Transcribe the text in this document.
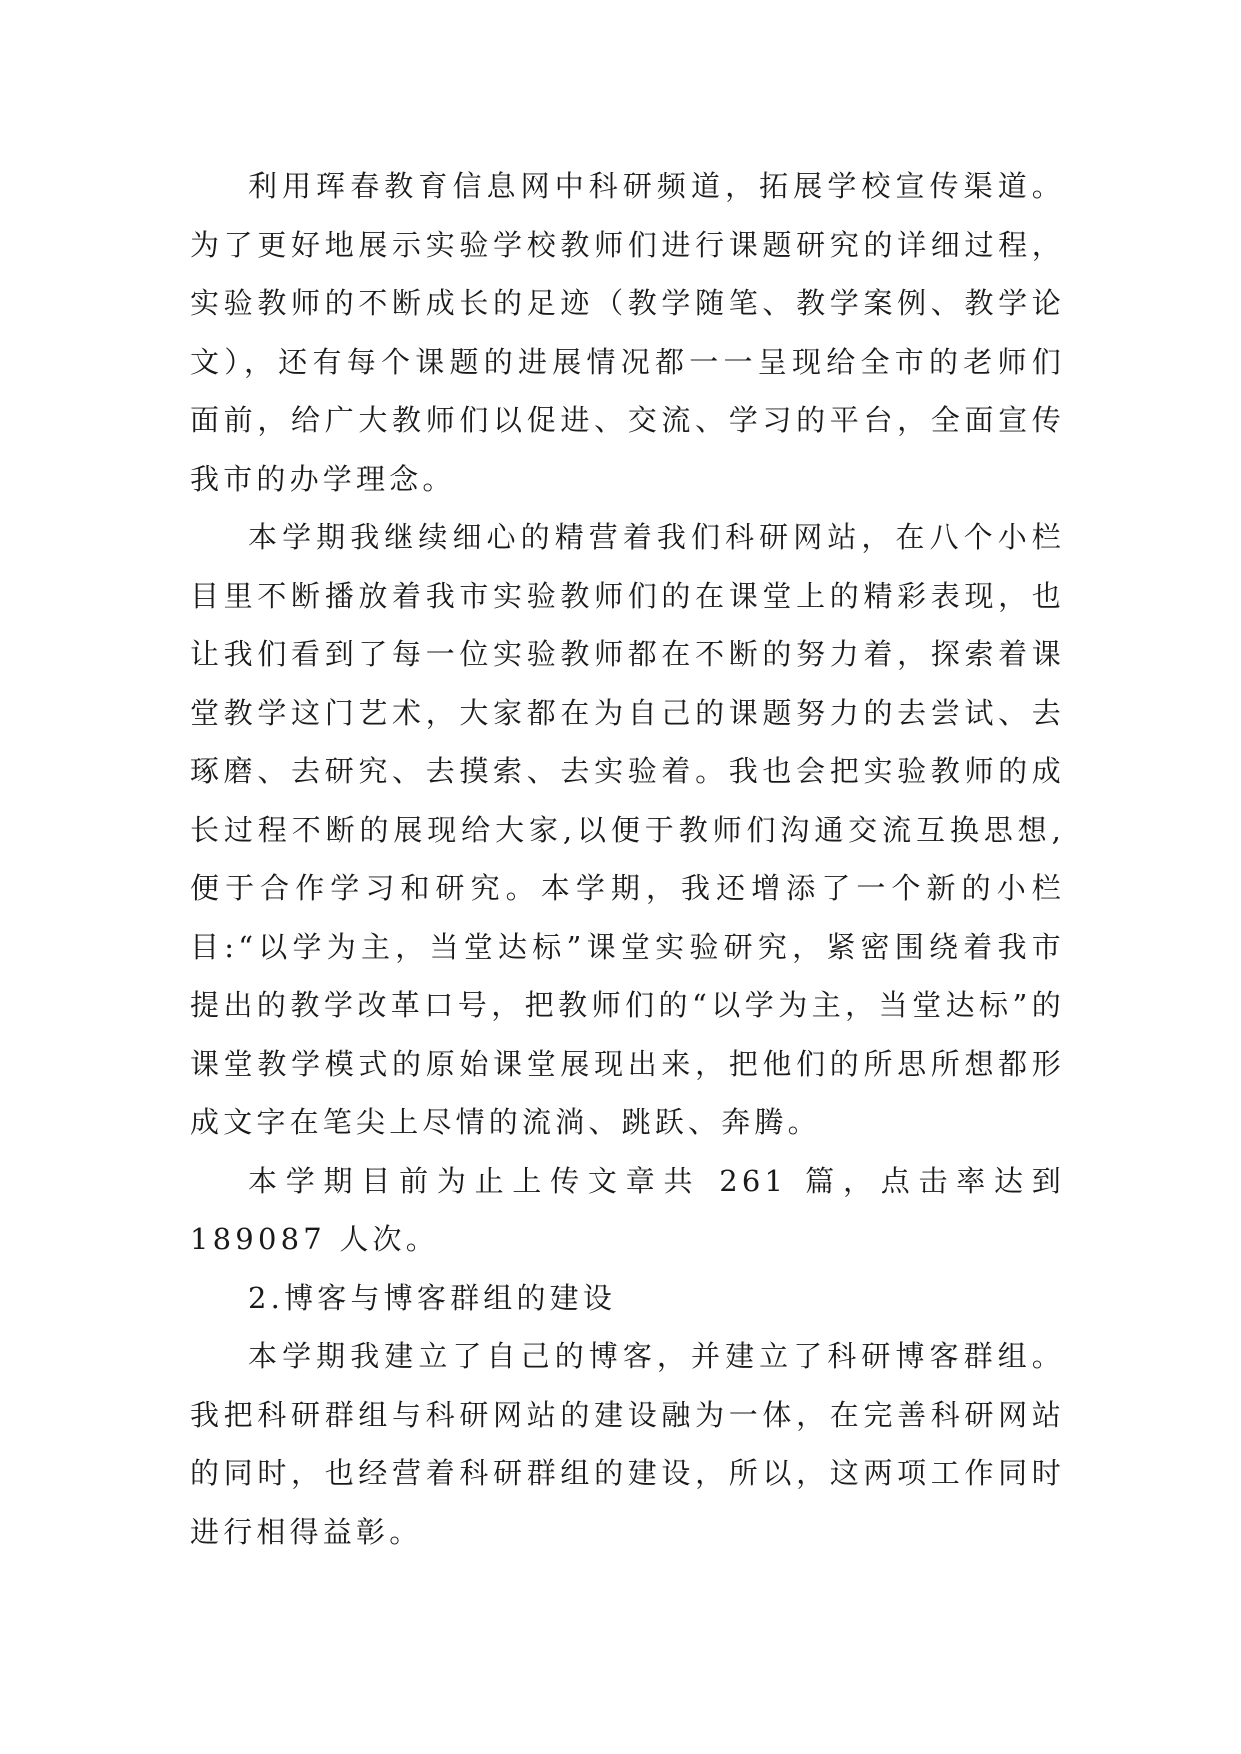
利用珲春教育信息网中科研频道，拓展学校宣传渠道。为了更好地展示实验学校教师们进行课题研究的详细过程，实验教师的不断成长的足迹（教学随笔、教学案例、教学论文），还有每个课题的进展情况都一一呈现给全市的老师们面前，给广大教师们以促进、交流、学习的平台，全面宣传我市的办学理念。

本学期我继续细心的精营着我们科研网站，在八个小栏目里不断播放着我市实验教师们的在课堂上的精彩表现，也让我们看到了每一位实验教师都在不断的努力着，探索着课堂教学这门艺术，大家都在为自己的课题努力的去尝试、去琢磨、去研究、去摸索、去实验着。我也会把实验教师的成长过程不断的展现给大家,以便于教师们沟通交流互换思想,便于合作学习和研究。本学期，我还增添了一个新的小栏目:“以学为主，当堂达标”课堂实验研究，紧密围绕着我市提出的教学改革口号，把教师们的“以学为主，当堂达标”的课堂教学模式的原始课堂展现出来，把他们的所思所想都形成文字在笔尖上尽情的流淌、跳跃、奔腾。

本学期目前为止上传文章共 261 篇，点击率达到 189087 人次。

2.博客与博客群组的建设

本学期我建立了自己的博客，并建立了科研博客群组。我把科研群组与科研网站的建设融为一体，在完善科研网站的同时，也经营着科研群组的建设，所以，这两项工作同时进行相得益彰。
